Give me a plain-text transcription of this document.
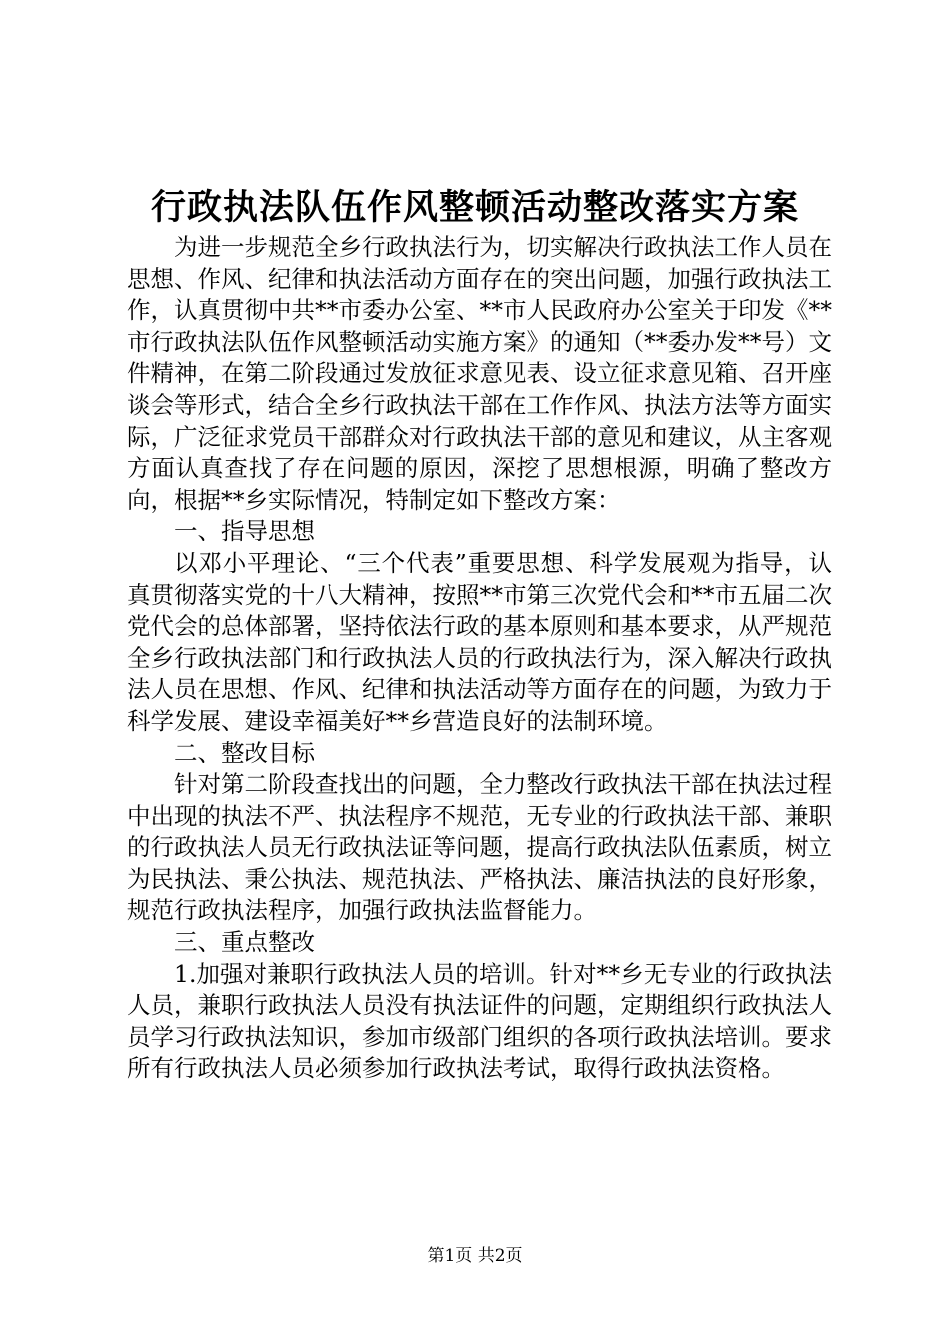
行政执法队伍作风整顿活动整改落实方案

为进一步规范全乡行政执法行为，切实解决行政执法工作人员在思想、作风、纪律和执法活动方面存在的突出问题，加强行政执法工作，认真贯彻中共**市委办公室、**市人民政府办公室关于印发《**市行政执法队伍作风整顿活动实施方案》的通知（**委办发**号）文件精神，在第二阶段通过发放征求意见表、设立征求意见箱、召开座谈会等形式，结合全乡行政执法干部在工作作风、执法方法等方面实际，广泛征求党员干部群众对行政执法干部的意见和建议，从主客观方面认真查找了存在问题的原因，深挖了思想根源，明确了整改方向，根据**乡实际情况，特制定如下整改方案：

一、指导思想

以邓小平理论、“三个代表”重要思想、科学发展观为指导，认真贯彻落实党的十八大精神，按照**市第三次党代会和**市五届二次党代会的总体部署，坚持依法行政的基本原则和基本要求，从严规范全乡行政执法部门和行政执法人员的行政执法行为，深入解决行政执法人员在思想、作风、纪律和执法活动等方面存在的问题，为致力于科学发展、建设幸福美好**乡营造良好的法制环境。

二、整改目标

针对第二阶段查找出的问题，全力整改行政执法干部在执法过程中出现的执法不严、执法程序不规范，无专业的行政执法干部、兼职的行政执法人员无行政执法证等问题，提高行政执法队伍素质，树立为民执法、秉公执法、规范执法、严格执法、廉洁执法的良好形象，规范行政执法程序，加强行政执法监督能力。

三、重点整改

1.加强对兼职行政执法人员的培训。针对**乡无专业的行政执法人员，兼职行政执法人员没有执法证件的问题，定期组织行政执法人员学习行政执法知识，参加市级部门组织的各项行政执法培训。要求所有行政执法人员必须参加行政执法考试，取得行政执法资格。

第1页 共2页
